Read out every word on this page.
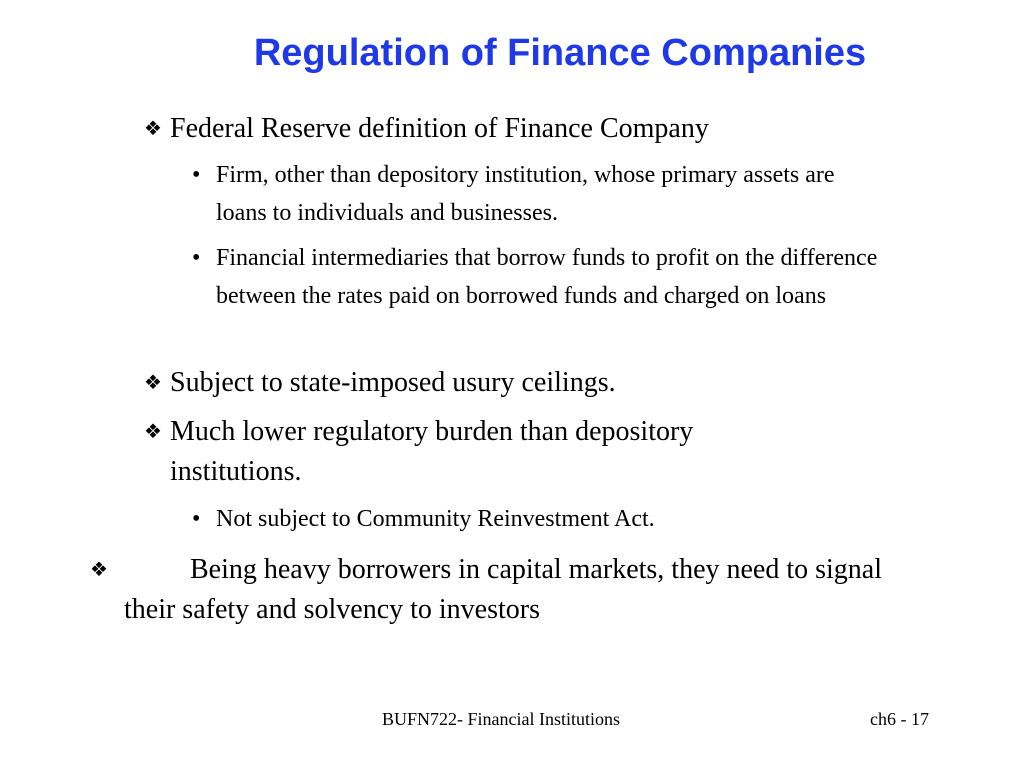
Regulation of Finance Companies
❖ Federal Reserve definition of Finance Company
• Firm, other than depository institution, whose primary assets are loans to individuals and businesses.
• Financial intermediaries that borrow funds to profit on the difference between the rates paid on borrowed funds and charged on loans
❖ Subject to state-imposed usury ceilings.
❖ Much lower regulatory burden than depository institutions.
• Not subject to Community Reinvestment Act.
❖	Being heavy borrowers in capital markets, they need to signal their safety and solvency to investors
BUFN722- Financial Institutions	ch6 - 17
